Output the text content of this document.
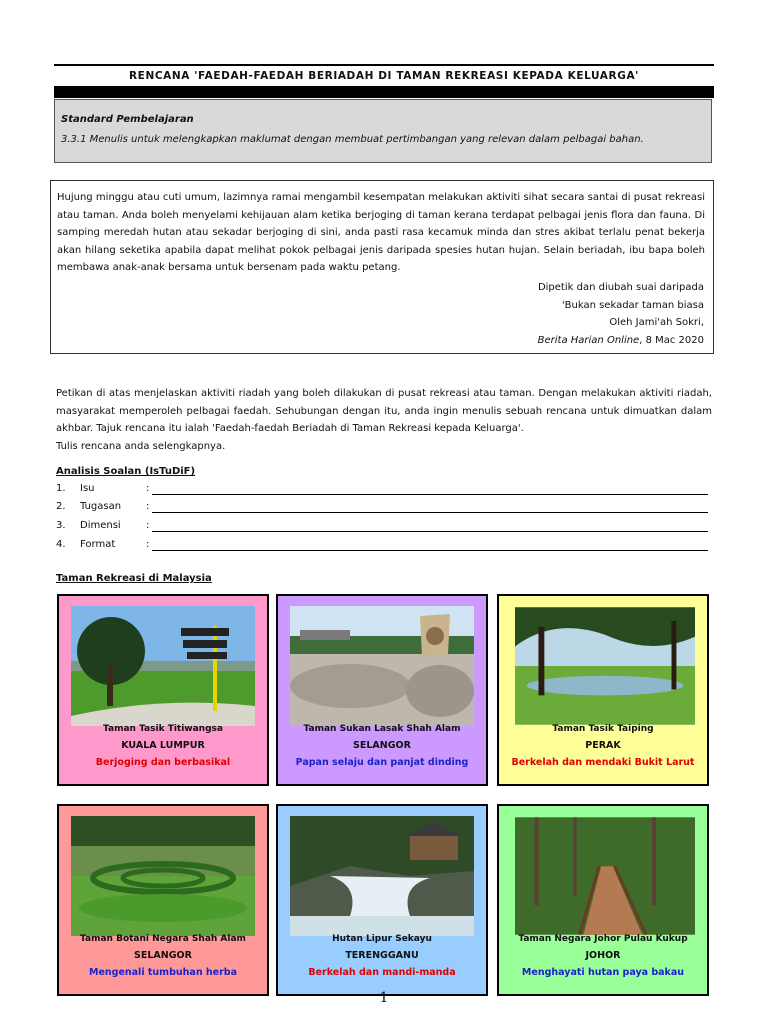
RENCANA 'FAEDAH-FAEDAH BERIADAH DI TAMAN REKREASI KEPADA KELUARGA'
Standard Pembelajaran
3.3.1 Menulis untuk melengkapkan maklumat dengan membuat pertimbangan yang relevan dalam pelbagai bahan.
Hujung minggu atau cuti umum, lazimnya ramai mengambil kesempatan melakukan aktiviti sihat secara santai di pusat rekreasi atau taman. Anda boleh menyelami kehijauan alam ketika berjoging di taman kerana terdapat pelbagai jenis flora dan fauna. Di samping meredah hutan atau sekadar berjoging di sini, anda pasti rasa kecamuk minda dan stres akibat terlalu penat bekerja akan hilang seketika apabila dapat melihat pokok pelbagai jenis daripada spesies hutan hujan. Selain beriadah, ibu bapa boleh membawa anak-anak bersama untuk bersenam pada waktu petang.
Dipetik dan diubah suai daripada
'Bukan sekadar taman biasa
Oleh Jami'ah Sokri,
Berita Harian Online, 8 Mac 2020
Petikan di atas menjelaskan aktiviti riadah yang boleh dilakukan di pusat rekreasi atau taman. Dengan melakukan aktiviti riadah, masyarakat memperoleh pelbagai faedah. Sehubungan dengan itu, anda ingin menulis sebuah rencana untuk dimuatkan dalam akhbar. Tajuk rencana itu ialah 'Faedah-faedah Beriadah di Taman Rekreasi kepada Keluarga'.
Tulis rencana anda selengkapnya.
Analisis Soalan (IsTuDiF)
1. Isu	:
2. Tugasan :
3. Dimensi	:
4. Format	:
Taman Rekreasi di Malaysia
Taman Tasik Titiwangsa
KUALA LUMPUR
Berjoging dan berbasikal
Taman Sukan Lasak Shah Alam
SELANGOR
Papan selaju dan panjat dinding
Taman Tasik Taiping
PERAK
Berkelah dan mendaki Bukit Larut
Taman Botani Negara Shah Alam
SELANGOR
Mengenali tumbuhan herba
Hutan Lipur Sekayu
TERENGGANU
Berkelah dan mandi-manda
Taman Negara Johor Pulau Kukup
JOHOR
Menghayati hutan paya bakau
1
